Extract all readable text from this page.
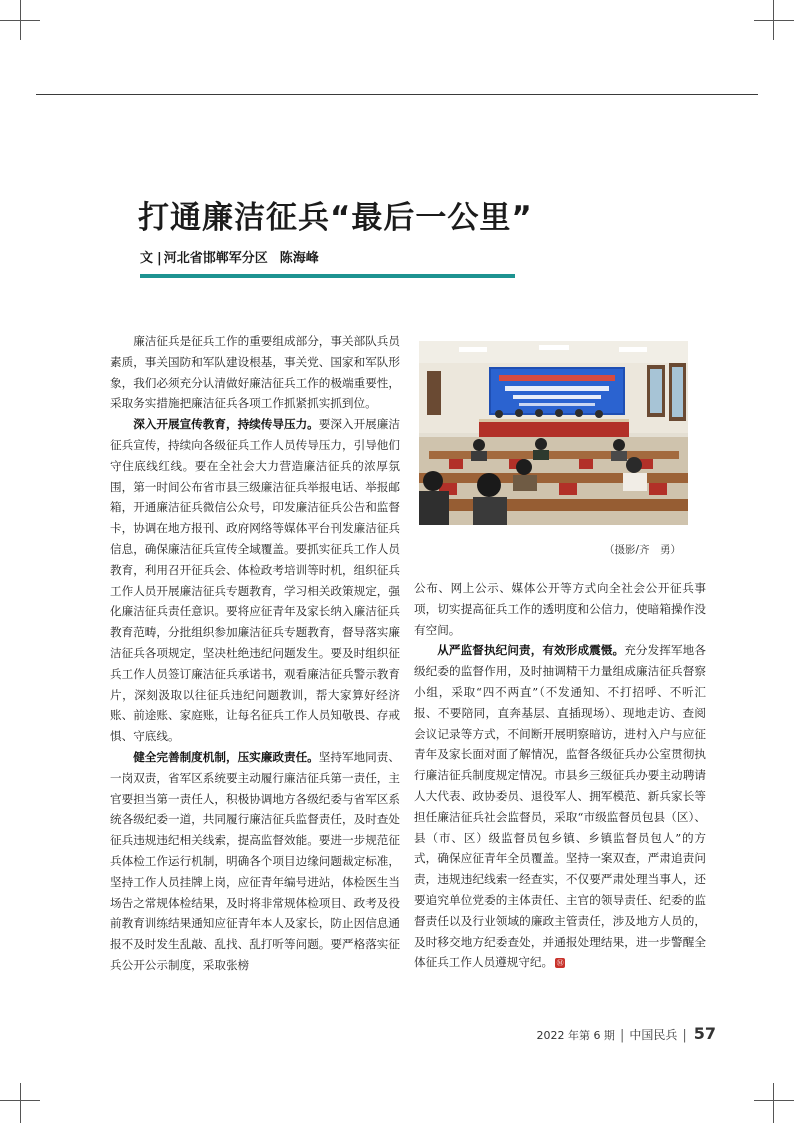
打通廉洁征兵“最后一公里”
文 | 河北省邯郸军分区 陈海峰

廉洁征兵是征兵工作的重要组成部分，事关部队兵员素质，事关国防和军队建设根基，事关党、国家和军队形象，我们必须充分认清做好廉洁征兵工作的极端重要性，采取务实措施把廉洁征兵各项工作抓紧抓实抓到位。

深入开展宣传教育，持续传导压力。要深入开展廉洁征兵宣传，持续向各级征兵工作人员传导压力，引导他们守住底线红线。要在全社会大力营造廉洁征兵的浓厚氛围，第一时间公布省市县三级廉洁征兵举报电话、举报邮箱，开通廉洁征兵微信公众号，印发廉洁征兵公告和监督卡，协调在地方报刊、政府网络等媒体平台刊发廉洁征兵信息，确保廉洁征兵宣传全域覆盖。要抓实征兵工作人员教育，利用召开征兵会、体检政考培训等时机，组织征兵工作人员开展廉洁征兵专题教育，学习相关政策规定，强化廉洁征兵责任意识。要将应征青年及家长纳入廉洁征兵教育范畴，分批组织参加廉洁征兵专题教育，督导落实廉洁征兵各项规定，坚决杜绝违纪问题发生。要及时组织征兵工作人员签订廉洁征兵承诺书，观看廉洁征兵警示教育片，深刻汲取以往征兵违纪问题教训，帮大家算好经济账、前途账、家庭账，让每名征兵工作人员知敬畏、存戒惧、守底线。

健全完善制度机制，压实廉政责任。坚持军地同责、一岗双责，省军区系统要主动履行廉洁征兵第一责任，主官要担当第一责任人，积极协调地方各级纪委与省军区系统各级纪委一道，共同履行廉洁征兵监督责任，及时查处征兵违规违纪相关线索，提高监督效能。要进一步规范征兵体检工作运行机制，明确各个项目边缘问题裁定标准，坚持工作人员挂牌上岗，应征青年编号进站，体检医生当场告之常规体检结果，及时将非常规体检项目、政考及役前教育训练结果通知应征青年本人及家长，防止因信息通报不及时发生乱敲、乱找、乱打听等问题。要严格落实征兵公开公示制度，采取张榜

（摄影/齐　勇）

公布、网上公示、媒体公开等方式向全社会公开征兵事项，切实提高征兵工作的透明度和公信力，使暗箱操作没有空间。

从严监督执纪问责，有效形成震慑。充分发挥军地各级纪委的监督作用，及时抽调精干力量组成廉洁征兵督察小组，采取“四不两直”（不发通知、不打招呼、不听汇报、不要陪同，直奔基层、直插现场）、现地走访、查阅会议记录等方式，不间断开展明察暗访，进村入户与应征青年及家长面对面了解情况，监督各级征兵办公室贯彻执行廉洁征兵制度规定情况。市县乡三级征兵办要主动聘请人大代表、政协委员、退役军人、拥军模范、新兵家长等担任廉洁征兵社会监督员，采取“市级监督员包县（区）、县（市、区）级监督员包乡镇、乡镇监督员包人”的方式，确保应征青年全员覆盖。坚持一案双查，严肃追责问责，违规违纪线索一经查实，不仅要严肃处理当事人，还要追究单位党委的主体责任、主官的领导责任、纪委的监督责任以及行业领域的廉政主管责任，涉及地方人员的，及时移交地方纪委查处，并通报处理结果，进一步警醒全体征兵工作人员遵规守纪。 Ⓜ

2022 年第 6 期 | 中国民兵 | 57
